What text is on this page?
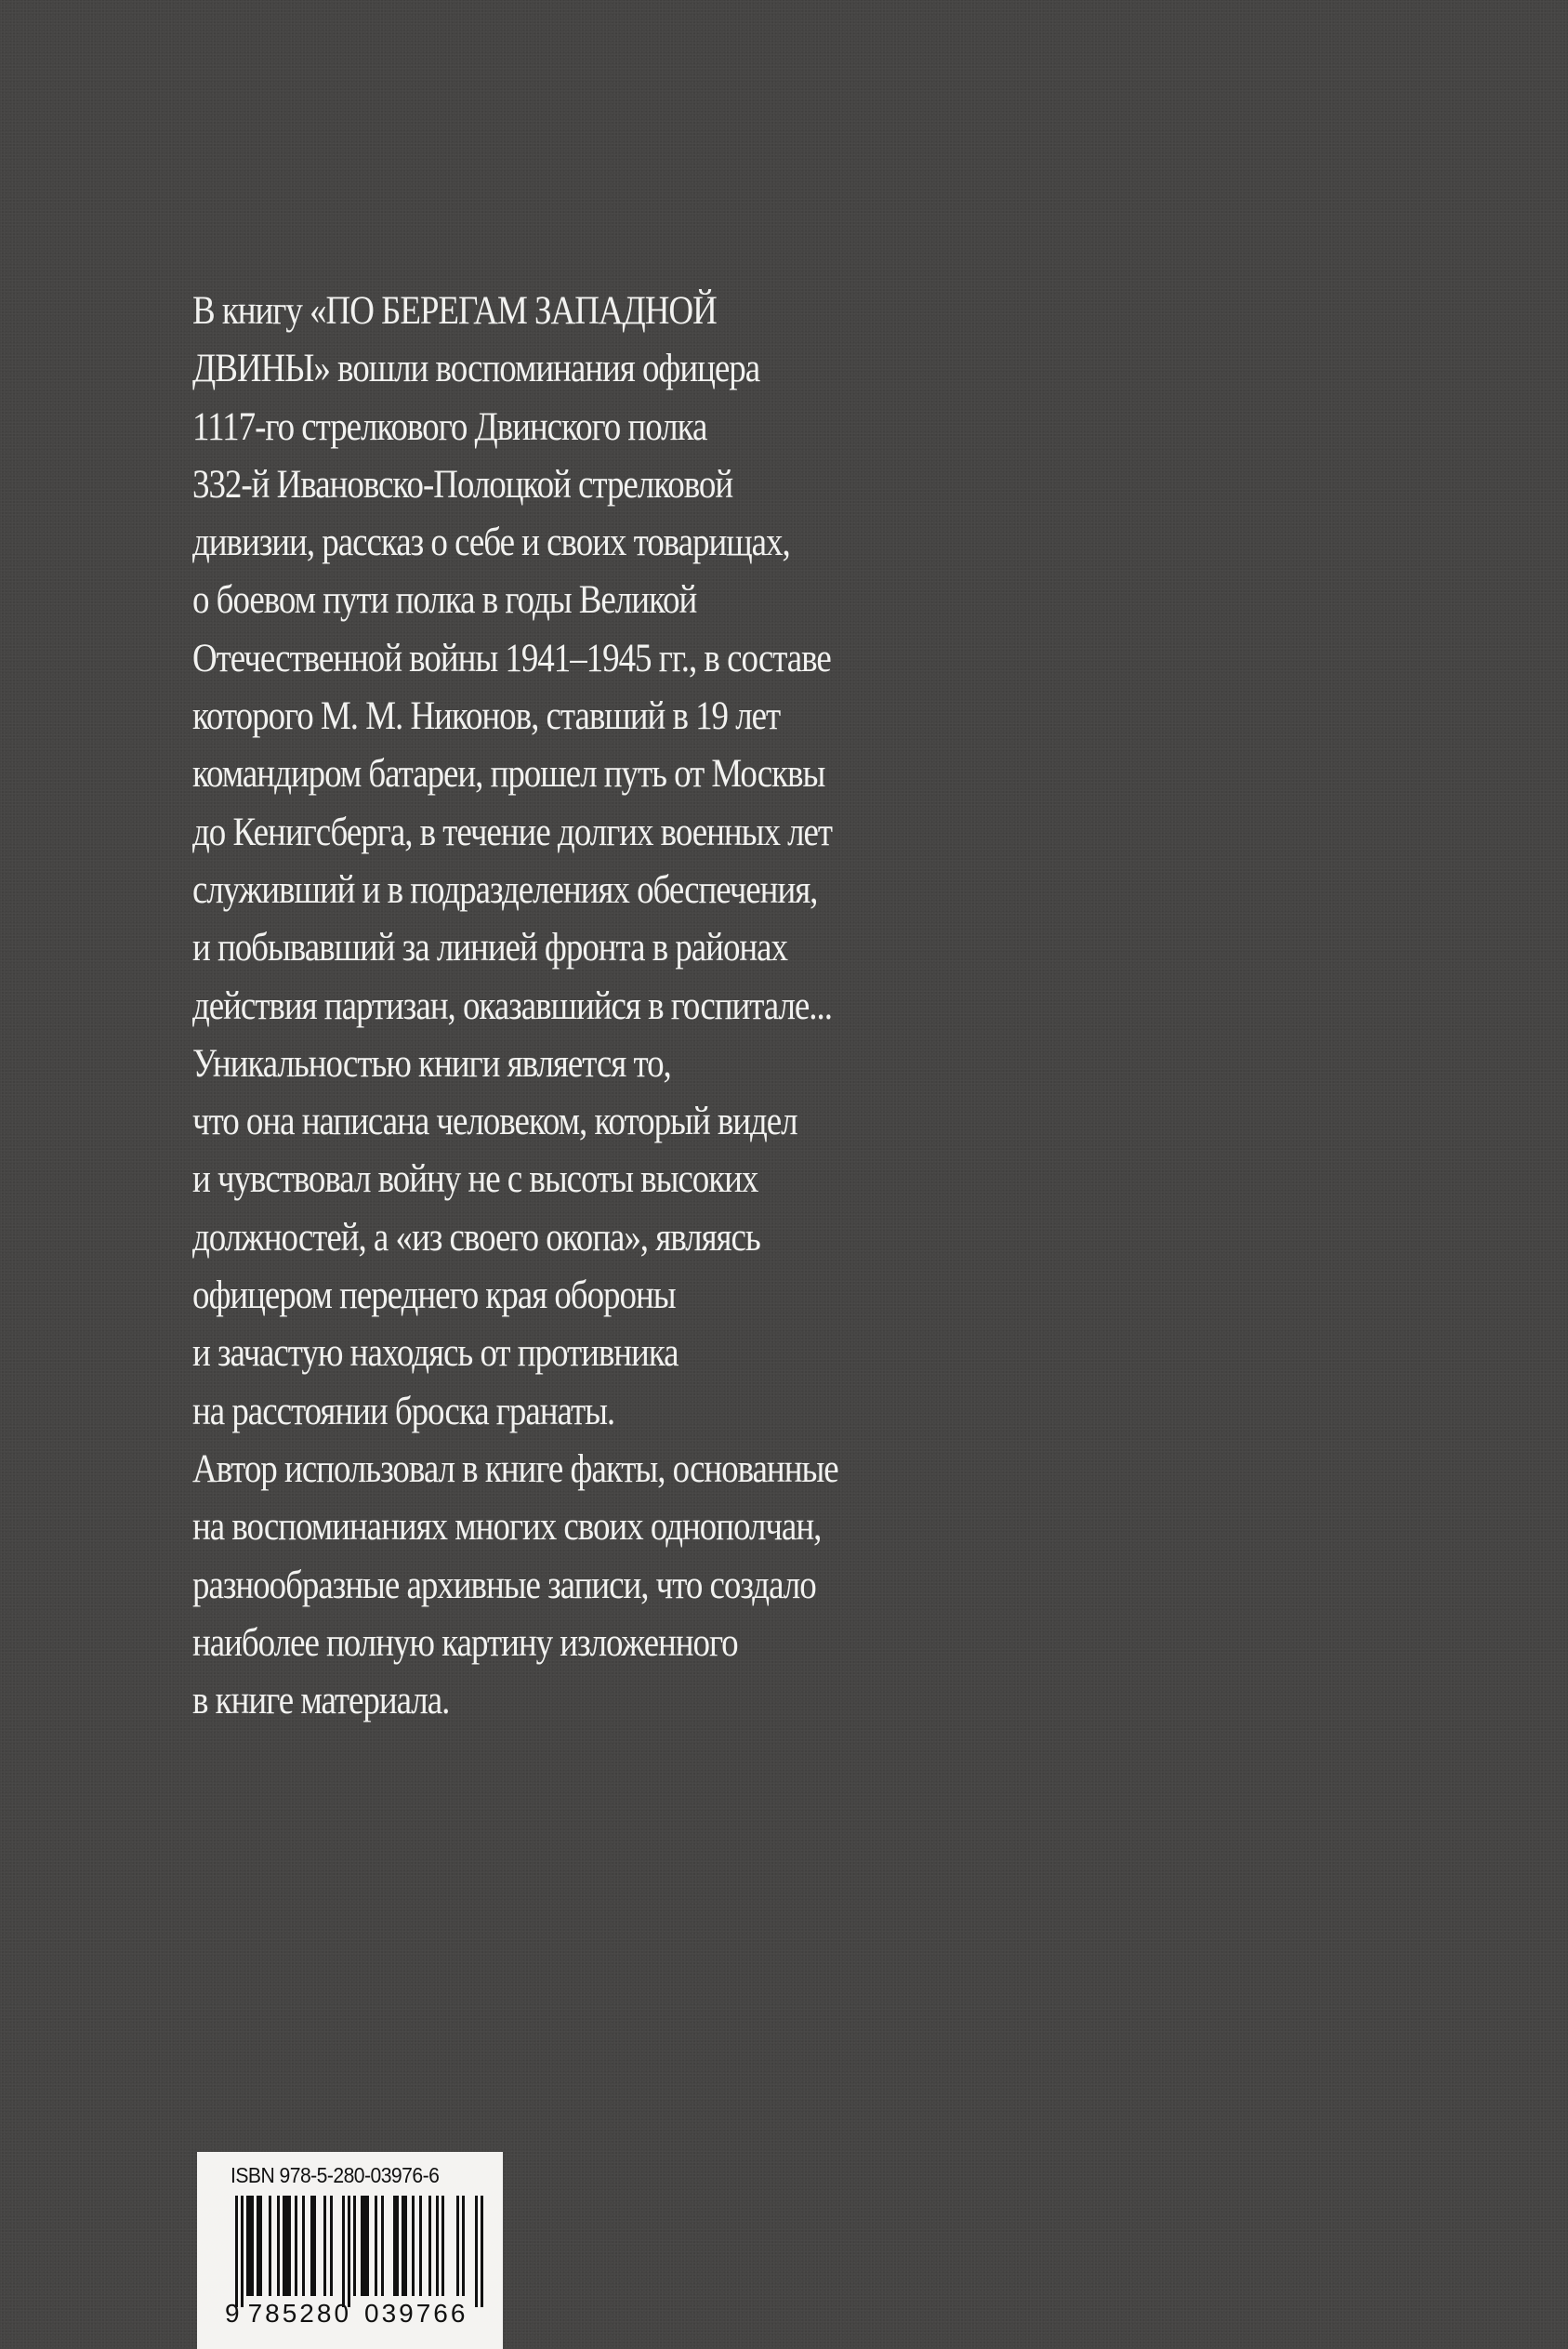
В книгу «ПО БЕРЕГАМ ЗАПАДНОЙ
ДВИНЫ» вошли воспоминания офицера
1117-го стрелкового Двинского полка
332-й Ивановско-Полоцкой стрелковой
дивизии, рассказ о себе и своих товарищах,
о боевом пути полка в годы Великой
Отечественной войны 1941–1945 гг., в составе
которого М. М. Никонов, ставший в 19 лет
командиром батареи, прошел путь от Москвы
до Кенигсберга, в течение долгих военных лет
служивший и в подразделениях обеспечения,
и побывавший за линией фронта в районах
действия партизан, оказавшийся в госпитале...
Уникальностью книги является то,
что она написана человеком, который видел
и чувствовал войну не с высоты высоких
должностей, а «из своего окопа», являясь
офицером переднего края обороны
и зачастую находясь от противника
на расстоянии броска гранаты.
Автор использовал в книге факты, основанные
на воспоминаниях многих своих однополчан,
разнообразные архивные записи, что создало
наиболее полную картину изложенного
в книге материала.
ISBN 978-5-280-03976-6
9 785280 039766
